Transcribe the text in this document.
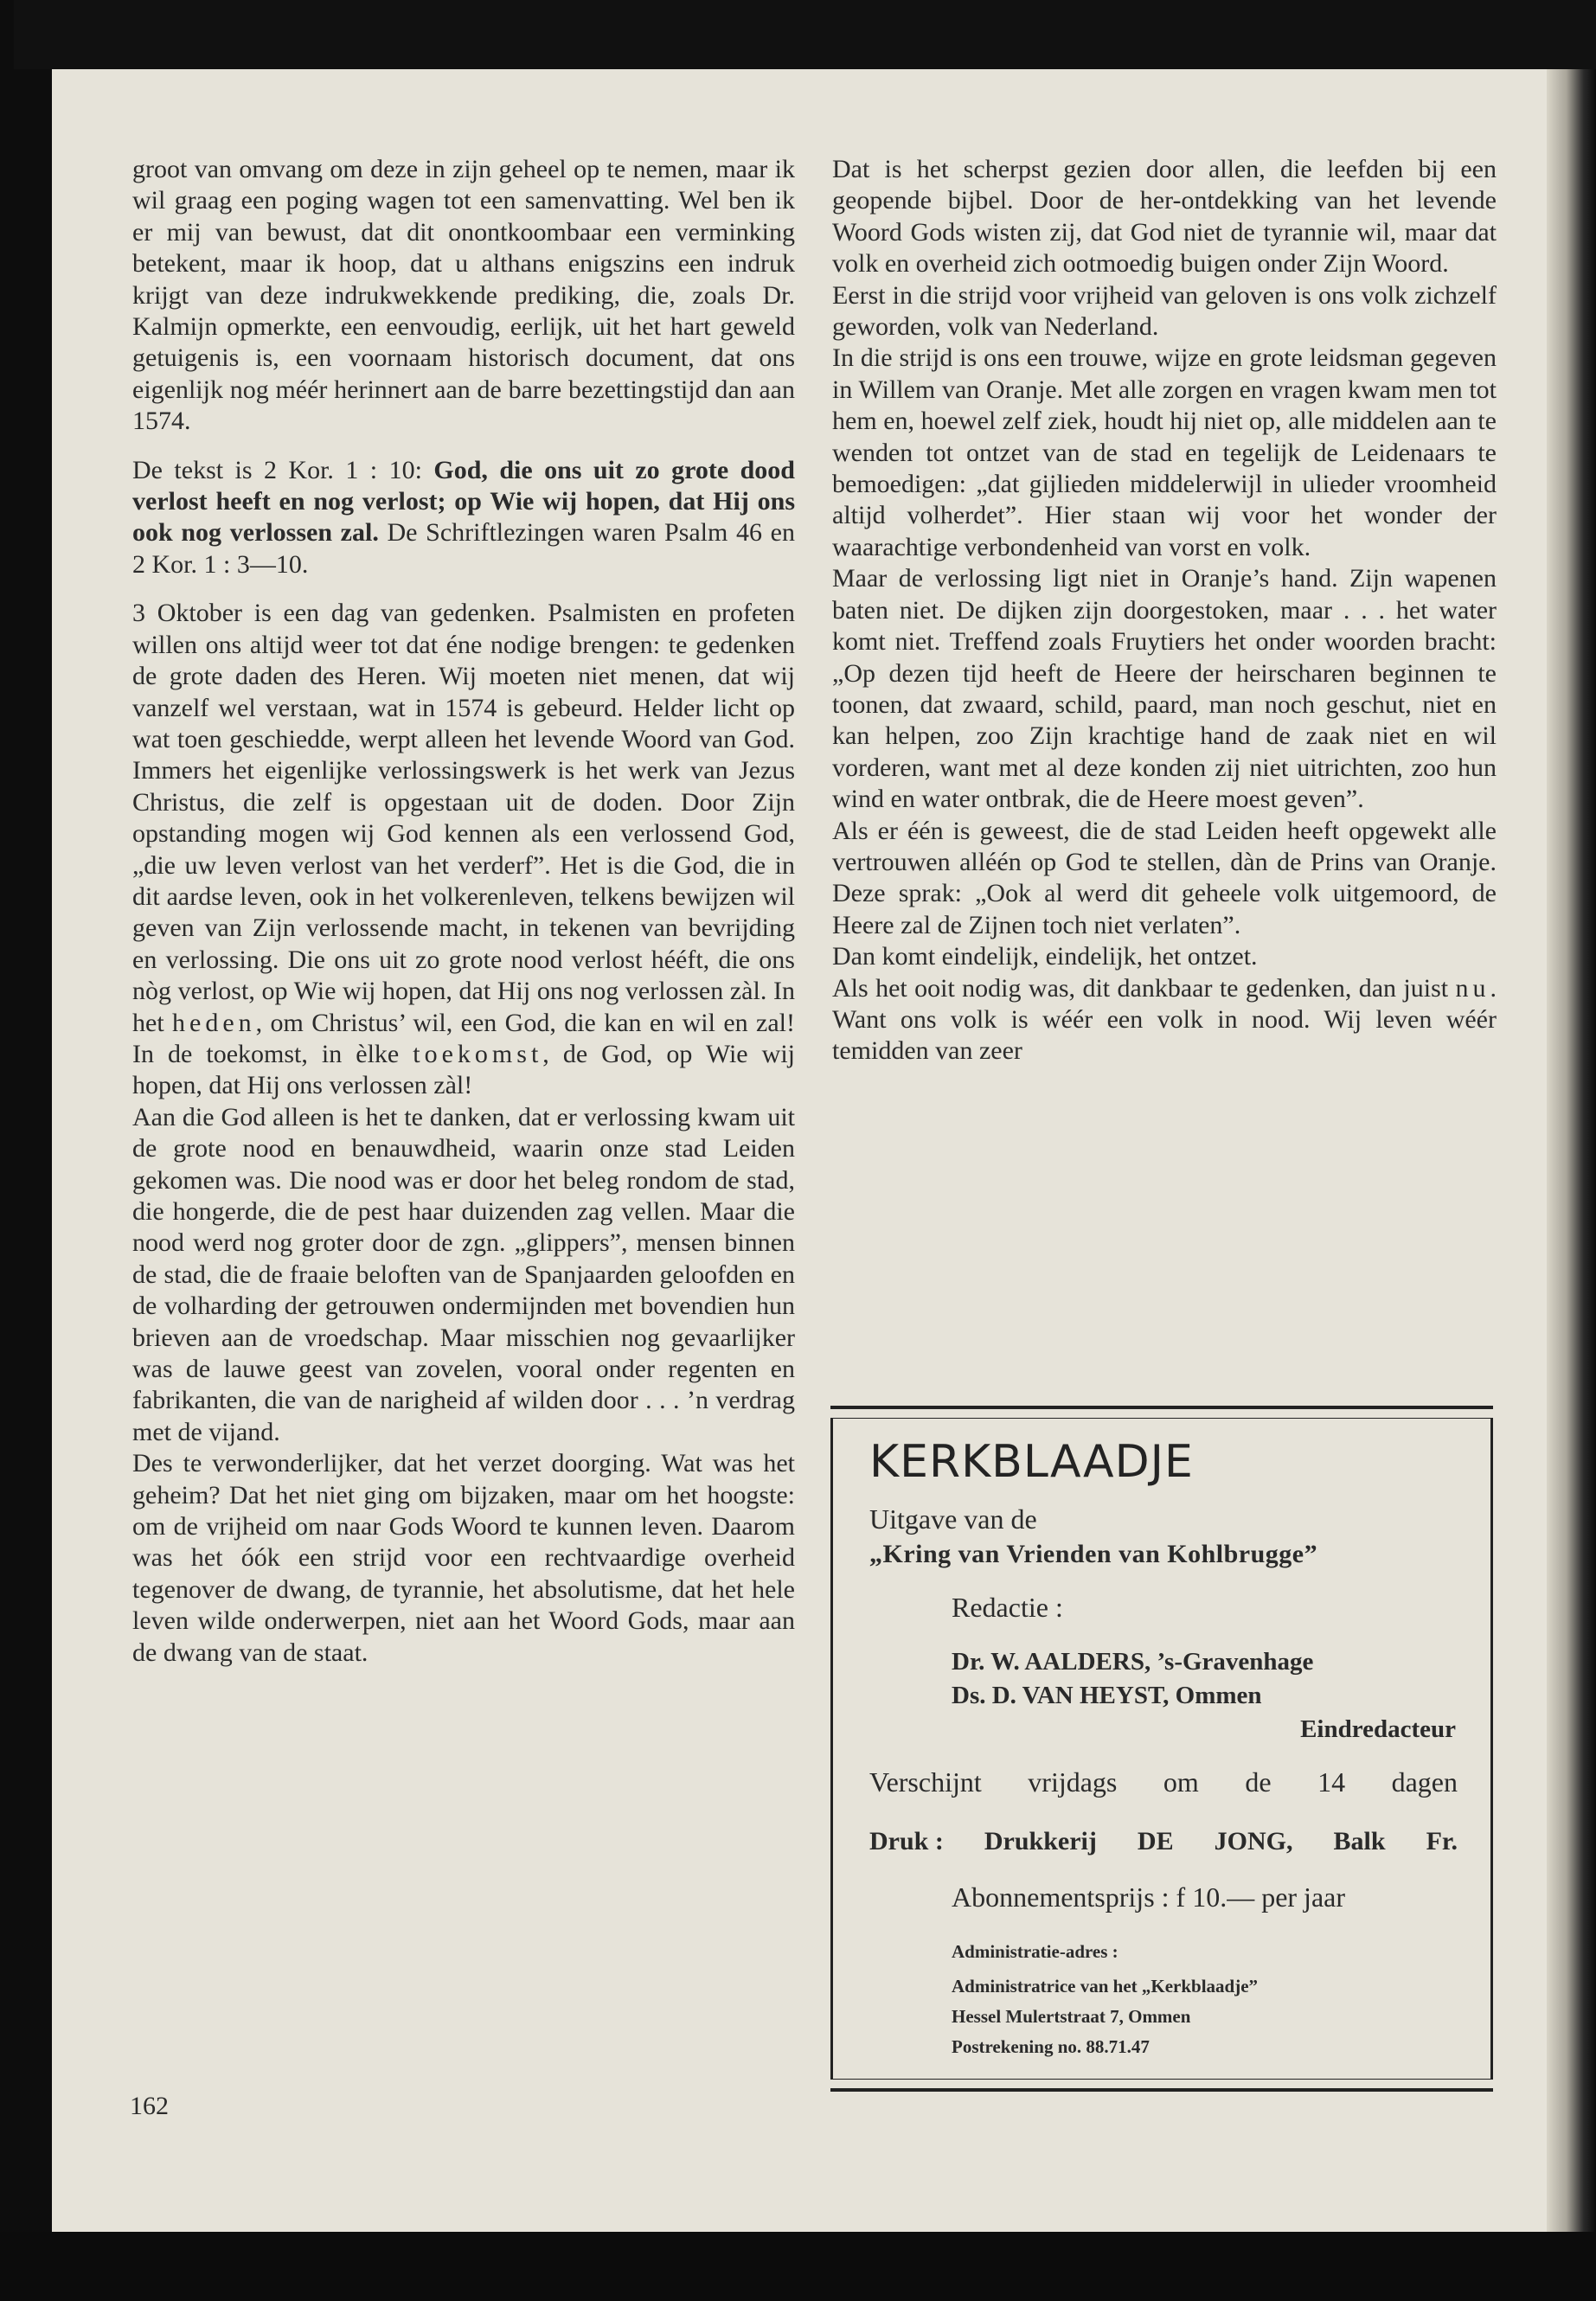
groot van omvang om deze in zijn geheel op te nemen, maar ik wil graag een poging wagen tot een samenvatting. Wel ben ik er mij van bewust, dat dit onontkoombaar een verminking betekent, maar ik hoop, dat u althans enigszins een indruk krijgt van deze indrukwekkende prediking, die, zoals Dr. Kalmijn opmerkte, een eenvoudig, eerlijk, uit het hart geweld getuigenis is, een voornaam historisch document, dat ons eigenlijk nog méér herinnert aan de barre bezettingstijd dan aan 1574.

De tekst is 2 Kor. 1 : 10: God, die ons uit zo grote dood verlost heeft en nog verlost; op Wie wij hopen, dat Hij ons ook nog verlossen zal. De Schriftlezingen waren Psalm 46 en 2 Kor. 1 : 3—10.

3 Oktober is een dag van gedenken. Psalmisten en profeten willen ons altijd weer tot dat éne nodige brengen: te gedenken de grote daden des Heren. Wij moeten niet menen, dat wij vanzelf wel verstaan, wat in 1574 is gebeurd. Helder licht op wat toen geschiedde, werpt alleen het levende Woord van God. Immers het eigenlijke verlossingswerk is het werk van Jezus Christus, die zelf is opgestaan uit de doden. Door Zijn opstanding mogen wij God kennen als een verlossend God, „die uw leven verlost van het verderf”. Het is die God, die in dit aardse leven, ook in het volkerenleven, telkens bewijzen wil geven van Zijn verlossende macht, in tekenen van bevrijding en verlossing. Die ons uit zo grote nood verlost hééft, die ons nòg verlost, op Wie wij hopen, dat Hij ons nog verlossen zàl. In het heden, om Christus’ wil, een God, die kan en wil en zal! In de toekomst, in èlke toekomst, de God, op Wie wij hopen, dat Hij ons verlossen zàl!

Aan die God alleen is het te danken, dat er verlossing kwam uit de grote nood en benauwdheid, waarin onze stad Leiden gekomen was. Die nood was er door het beleg rondom de stad, die hongerde, die de pest haar duizenden zag vellen. Maar die nood werd nog groter door de zgn. „glippers”, mensen binnen de stad, die de fraaie beloften van de Spanjaarden geloofden en de volharding der getrouwen ondermijnden met bovendien hun brieven aan de vroedschap. Maar misschien nog gevaarlijker was de lauwe geest van zovelen, vooral onder regenten en fabrikanten, die van de narigheid af wilden door . . . ’n verdrag met de vijand.

Des te verwonderlijker, dat het verzet doorging. Wat was het geheim? Dat het niet ging om bijzaken, maar om het hoogste: om de vrijheid om naar Gods Woord te kunnen leven. Daarom was het óók een strijd voor een rechtvaardige overheid tegenover de dwang, de tyrannie, het absolutisme, dat het hele leven wilde onderwerpen, niet aan het Woord Gods, maar aan de dwang van de staat.

162

Dat is het scherpst gezien door allen, die leefden bij een geopende bijbel. Door de her-ontdekking van het levende Woord Gods wisten zij, dat God niet de tyrannie wil, maar dat volk en overheid zich ootmoedig buigen onder Zijn Woord.

Eerst in die strijd voor vrijheid van geloven is ons volk zichzelf geworden, volk van Nederland.

In die strijd is ons een trouwe, wijze en grote leidsman gegeven in Willem van Oranje. Met alle zorgen en vragen kwam men tot hem en, hoewel zelf ziek, houdt hij niet op, alle middelen aan te wenden tot ontzet van de stad en tegelijk de Leidenaars te bemoedigen: „dat gijlieden middelerwijl in ulieder vroomheid altijd volherdet”. Hier staan wij voor het wonder der waarachtige verbondenheid van vorst en volk.

Maar de verlossing ligt niet in Oranje’s hand. Zijn wapenen baten niet. De dijken zijn doorgestoken, maar . . . het water komt niet. Treffend zoals Fruytiers het onder woorden bracht: „Op dezen tijd heeft de Heere der heirscharen beginnen te toonen, dat zwaard, schild, paard, man noch geschut, niet en kan helpen, zoo Zijn krachtige hand de zaak niet en wil vorderen, want met al deze konden zij niet uitrichten, zoo hun wind en water ontbrak, die de Heere moest geven”.

Als er één is geweest, die de stad Leiden heeft opgewekt alle vertrouwen alléén op God te stellen, dàn de Prins van Oranje. Deze sprak: „Ook al werd dit geheele volk uitgemoord, de Heere zal de Zijnen toch niet verlaten”.

Dan komt eindelijk, eindelijk, het ontzet.

Als het ooit nodig was, dit dankbaar te gedenken, dan juist nu. Want ons volk is wéér een volk in nood. Wij leven wéér temidden van zeer

KERKBLAADJE
Uitgave van de
„Kring van Vrienden van Kohlbrugge”
Redactie :
Dr. W. AALDERS, ’s-Gravenhage
Ds. D. VAN HEYST, Ommen
Eindredacteur
Verschijnt vrijdags om de 14 dagen
Druk : Drukkerij DE JONG, Balk Fr.
Abonnementsprijs : f 10.— per jaar
Administratie-adres :
Administratrice van het „Kerkblaadje”
Hessel Mulertstraat 7, Ommen
Postrekening no. 88.71.47
